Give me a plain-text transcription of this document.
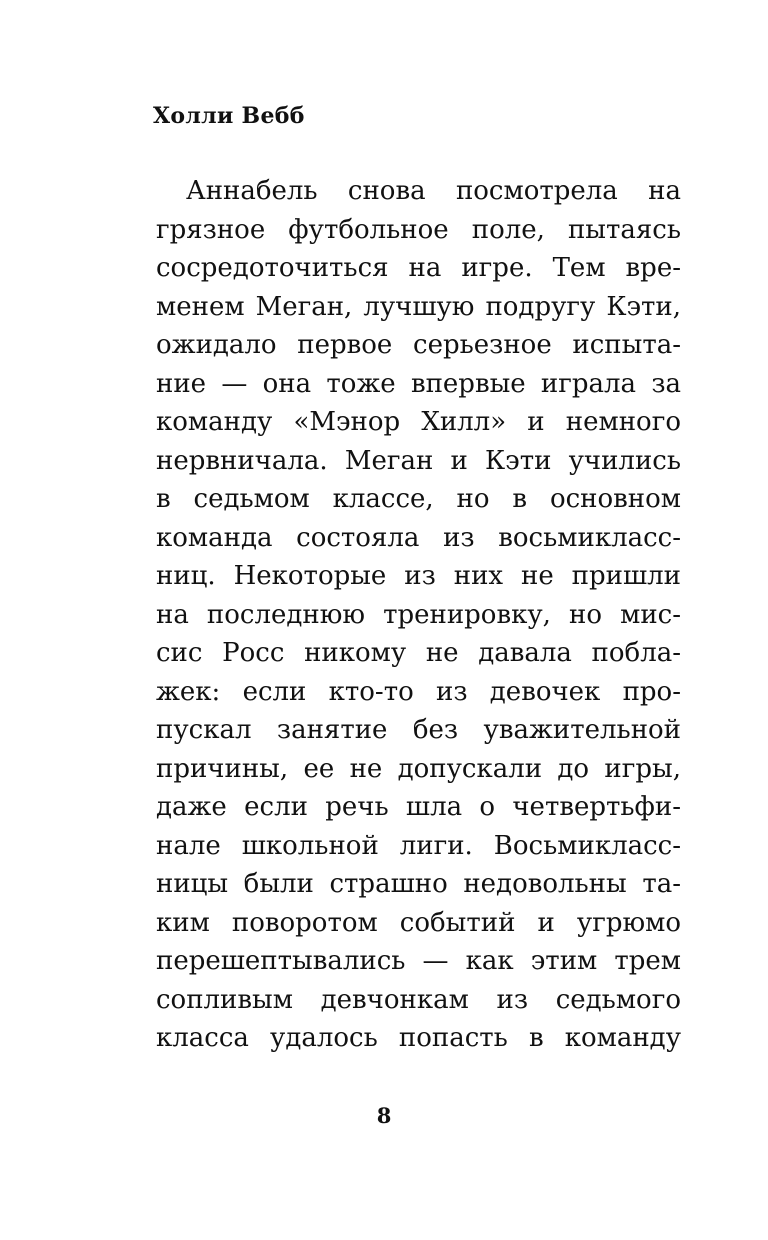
Холли Вебб
Аннабель снова посмотрела на
грязное футбольное поле, пытаясь
сосредоточиться на игре. Тем вре-
менем Меган, лучшую подругу Кэти,
ожидало первое серьезное испыта-
ние — она тоже впервые играла за
команду «Мэнор Хилл» и немного
нервничала. Меган и Кэти учились
в седьмом классе, но в основном
команда состояла из восьмикласс-
ниц. Некоторые из них не пришли
на последнюю тренировку, но мис-
сис Росс никому не давала побла-
жек: если кто-то из девочек про-
пускал занятие без уважительной
причины, ее не допускали до игры,
даже если речь шла о четвертьфи-
нале школьной лиги. Восьмикласс-
ницы были страшно недовольны та-
ким поворотом событий и угрюмо
перешептывались — как этим трем
сопливым девчонкам из седьмого
класса удалось попасть в команду
8
